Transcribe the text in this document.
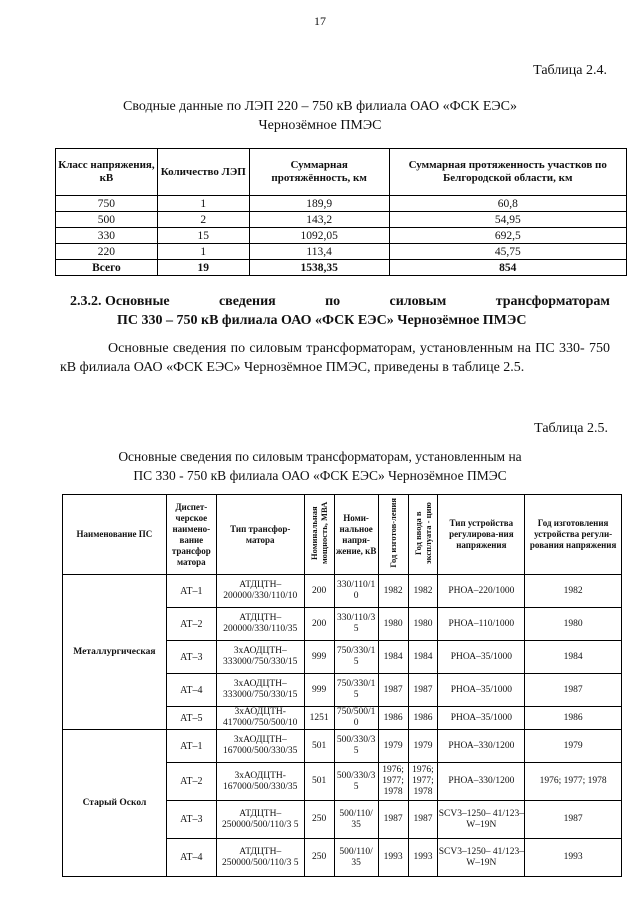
17
Таблица 2.4.
Сводные данные по ЛЭП 220 – 750 кВ филиала ОАО «ФСК ЕЭС»
Чернозёмное ПМЭС
Класс напряжения, кВ	Количество ЛЭП	Суммарная протяжённость, км	Суммарная протяженность участков по Белгородской области, км
750	1	189,9	60,8
500	2	143,2	54,95
330	15	1092,05	692,5
220	1	113,4	45,75
Всего	19	1538,35	854
2.3.2. Основные	сведения	по	силовым	трансформаторам
ПС 330 – 750 кВ филиала ОАО «ФСК ЕЭС» Чернозёмное ПМЭС
Основные сведения по силовым трансформаторам, установленным на ПС 330- 750 кВ филиала ОАО «ФСК ЕЭС» Чернозёмное ПМЭС, приведены в таблице 2.5.
Таблица 2.5.
Основные сведения по силовым трансформаторам, установленным на
ПС 330 - 750 кВ филиала ОАО «ФСК ЕЭС» Чернозёмное ПМЭС
Наименование ПС	Диспет-черское наимено-вание трансфор матора	Тип трансфор-матора	Номинальная мощность, МВА	Номи-нальное напря-жение, кВ	Год изготов-ления	Год ввода в эксплуата - цию	Тип устройства регулирова-ния напряжения	Год изготовления устройства регули-рования напряжения
Металлургическая	АТ–1	АТДЦТН– 200000/330/110/10	200	330/110/1 0	1982	1982	РНОА–220/1000	1982
	АТ–2	АТДЦТН– 200000/330/110/35	200	330/110/3 5	1980	1980	РНОА–110/1000	1980
	АТ–3	3хАОДЦТН– 333000/750/330/15	999	750/330/1 5	1984	1984	РНОА–35/1000	1984
	АТ–4	3хАОДЦТН– 333000/750/330/15	999	750/330/1 5	1987	1987	РНОА–35/1000	1987
	АТ–5	3хАОДЦТН- 417000/750/500/10	1251	750/500/1 0	1986	1986	РНОА–35/1000	1986
Старый Оскол	АТ–1	3хАОДЦТН– 167000/500/330/35	501	500/330/3 5	1979	1979	РНОА–330/1200	1979
	АТ–2	3хАОДЦТН- 167000/500/330/35	501	500/330/3 5	1976; 1977; 1978	1976; 1977; 1978	РНОА–330/1200	1976; 1977; 1978
	АТ–3	АТДЦТН– 250000/500/110/3 5	250	500/110/ 35	1987	1987	SCV3–1250– 41/123–W–19N	1987
	АТ–4	АТДЦТН– 250000/500/110/3 5	250	500/110/ 35	1993	1993	SCV3–1250– 41/123–W–19N	1993
